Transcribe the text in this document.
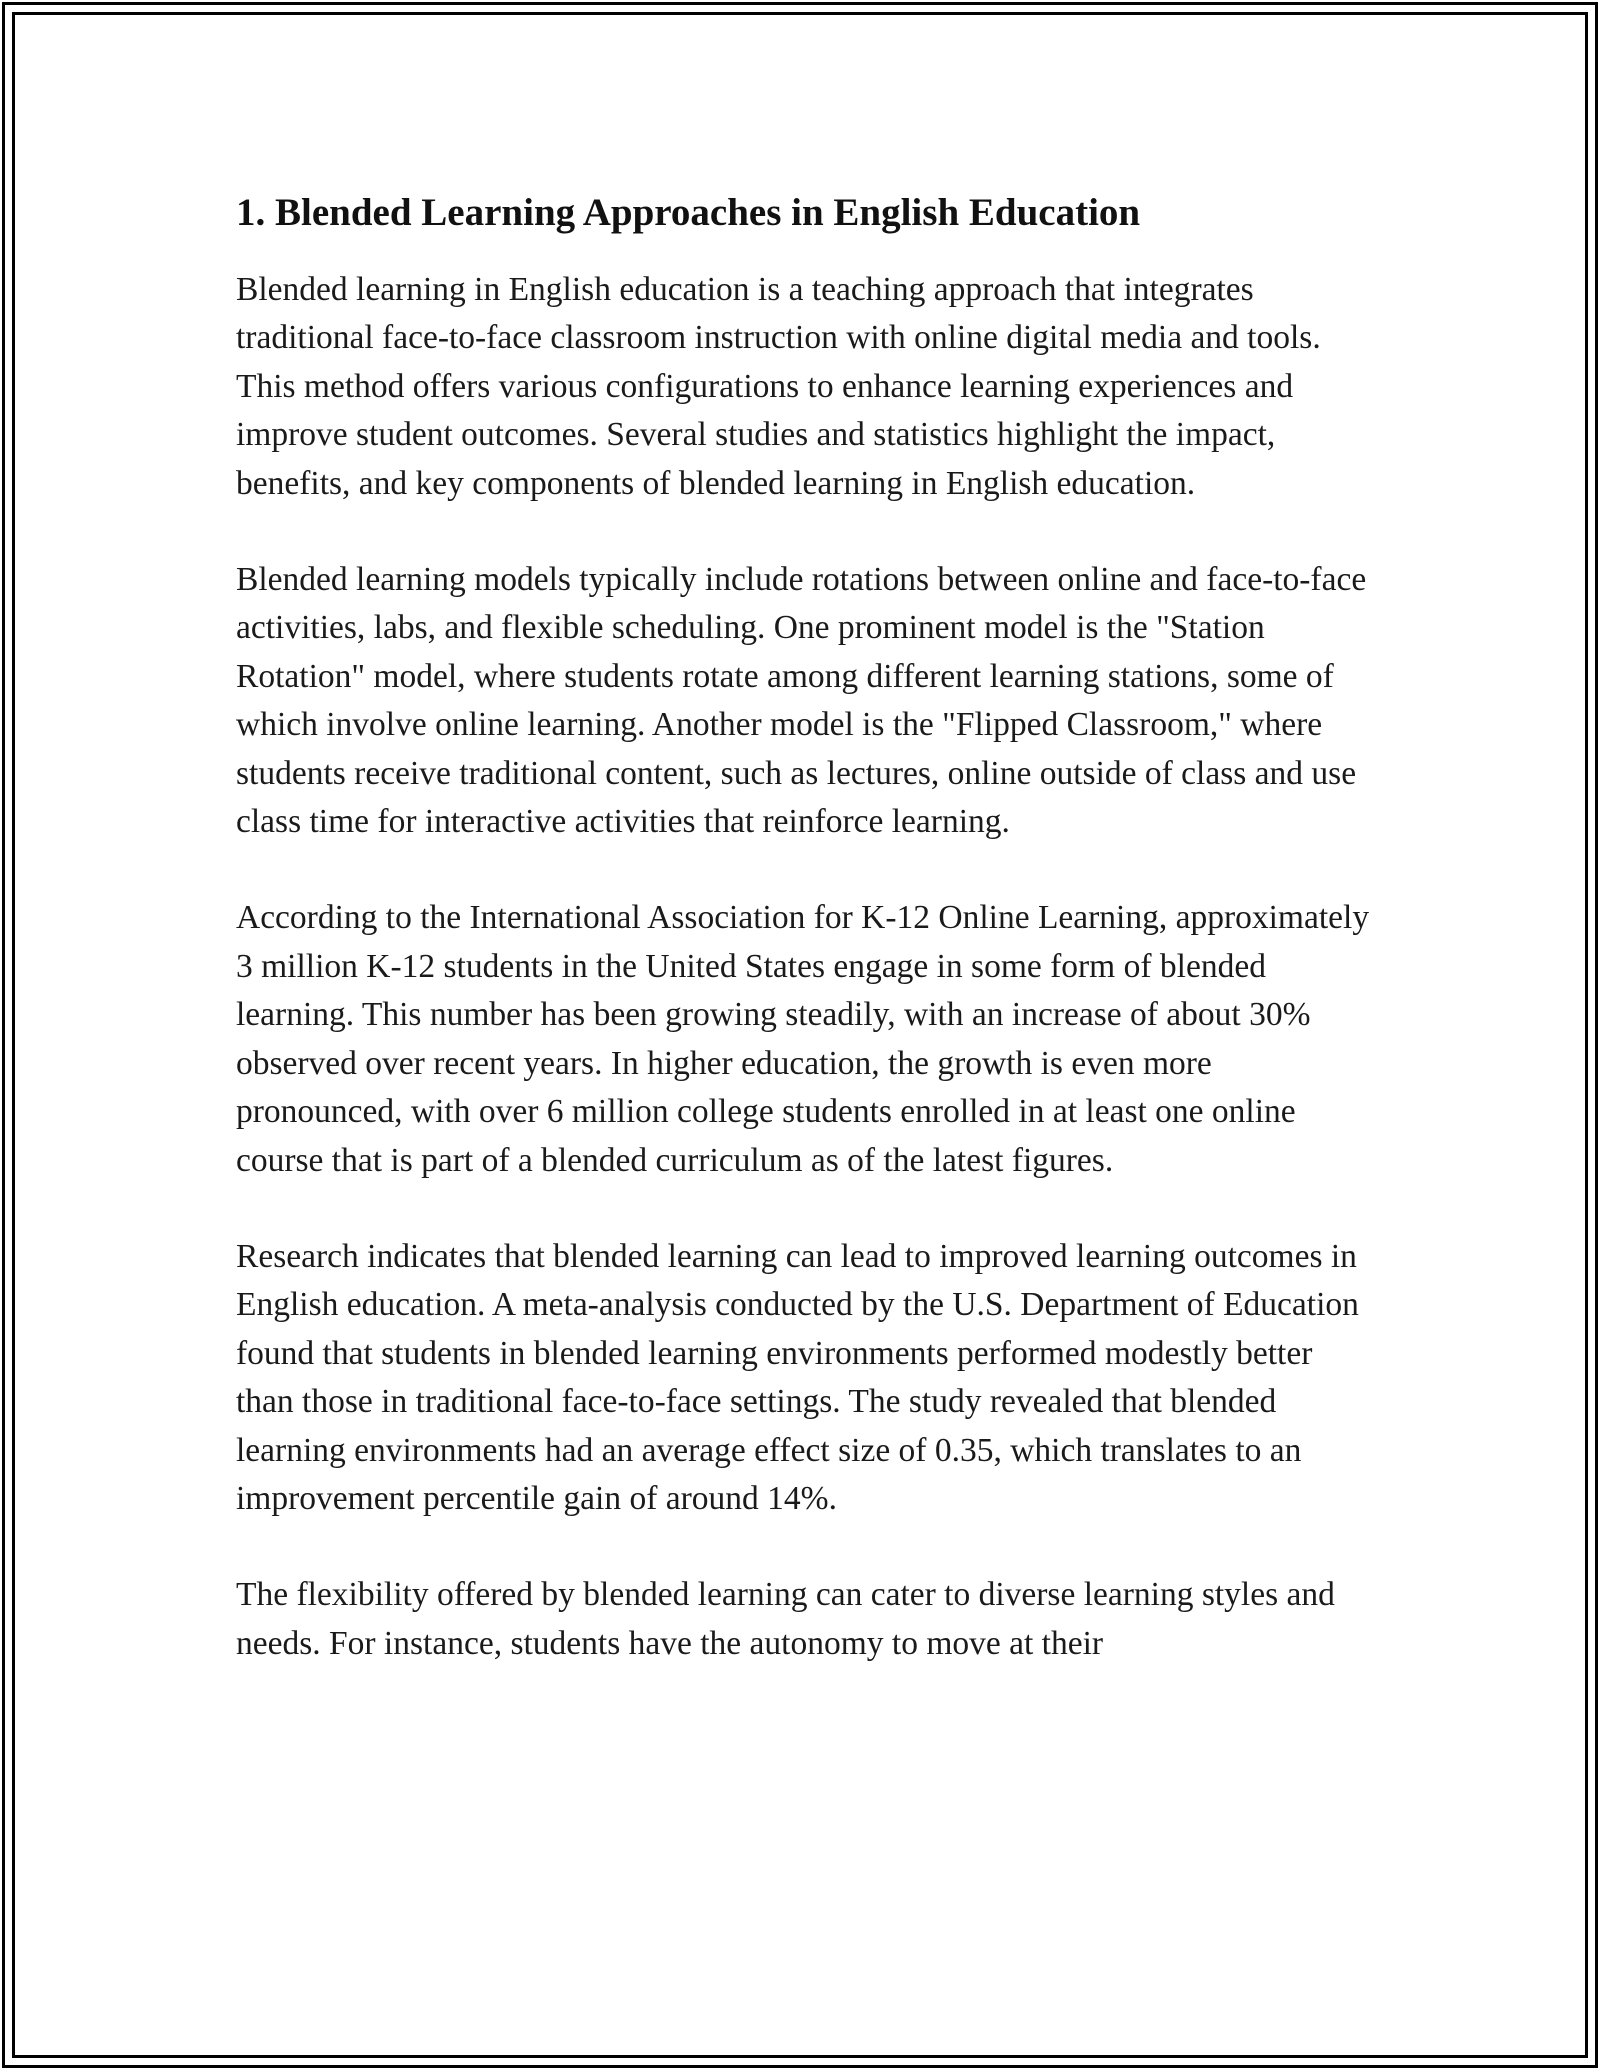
1. Blended Learning Approaches in English Education

Blended learning in English education is a teaching approach that integrates traditional face-to-face classroom instruction with online digital media and tools. This method offers various configurations to enhance learning experiences and improve student outcomes. Several studies and statistics highlight the impact, benefits, and key components of blended learning in English education.

Blended learning models typically include rotations between online and face-to-face activities, labs, and flexible scheduling. One prominent model is the "Station Rotation" model, where students rotate among different learning stations, some of which involve online learning. Another model is the "Flipped Classroom," where students receive traditional content, such as lectures, online outside of class and use class time for interactive activities that reinforce learning.

According to the International Association for K-12 Online Learning, approximately 3 million K-12 students in the United States engage in some form of blended learning. This number has been growing steadily, with an increase of about 30% observed over recent years. In higher education, the growth is even more pronounced, with over 6 million college students enrolled in at least one online course that is part of a blended curriculum as of the latest figures.

Research indicates that blended learning can lead to improved learning outcomes in English education. A meta-analysis conducted by the U.S. Department of Education found that students in blended learning environments performed modestly better than those in traditional face-to-face settings. The study revealed that blended learning environments had an average effect size of 0.35, which translates to an improvement percentile gain of around 14%.

The flexibility offered by blended learning can cater to diverse learning styles and needs. For instance, students have the autonomy to move at their
